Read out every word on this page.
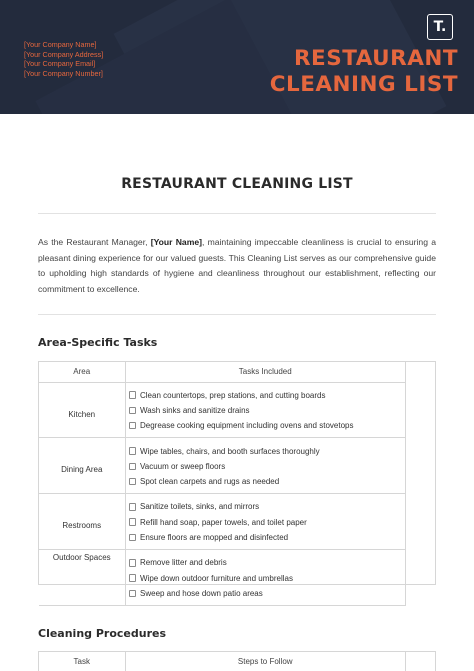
[Your Company Name]
[Your Company Address]
[Your Company Email]
[Your Company Number]
T.
RESTAURANT
CLEANING LIST
RESTAURANT CLEANING LIST
As the Restaurant Manager, [Your Name], maintaining impeccable cleanliness is crucial to ensuring a pleasant dining experience for our valued guests. This Cleaning List serves as our comprehensive guide to upholding high standards of hygiene and cleanliness throughout our establishment, reflecting our commitment to excellence.
Area-Specific Tasks
Area	Tasks Included
Kitchen	Clean countertops, prep stations, and cutting boards
Wash sinks and sanitize drains
Degrease cooking equipment including ovens and stovetops

Dining Area	Wipe tables, chairs, and booth surfaces thoroughly
Vacuum or sweep floors
Spot clean carpets and rugs as needed

Restrooms	Sanitize toilets, sinks, and mirrors
Refill hand soap, paper towels, and toilet paper
Ensure floors are mopped and disinfected

Outdoor Spaces	Remove litter and debris
Wipe down outdoor furniture and umbrellas
Sweep and hose down patio areas
Cleaning Procedures
Task	Steps to Follow
